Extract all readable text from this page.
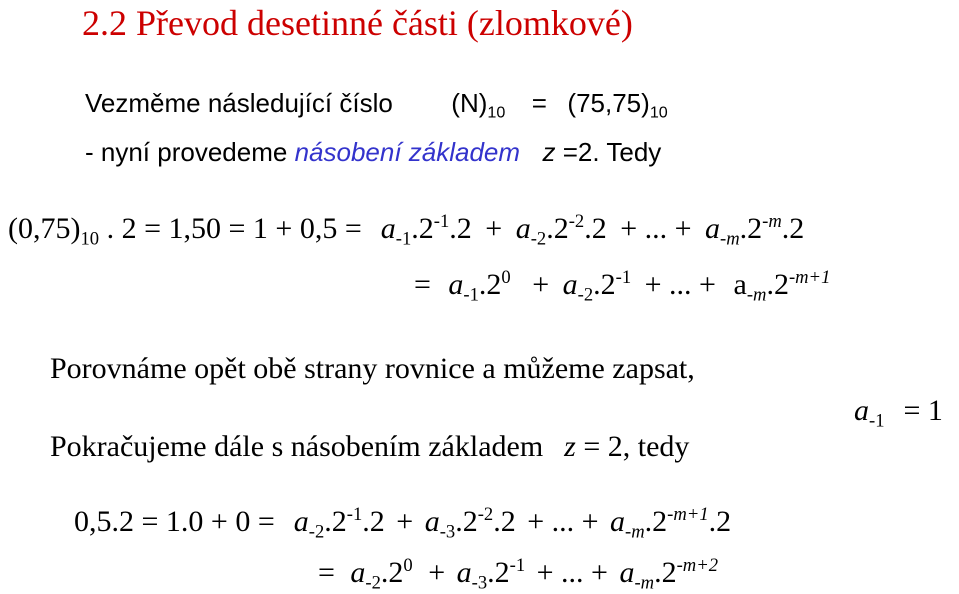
2.2 Převod desetinné části (zlomkové)
Vezměme následující číslo $(N)_{10} = (75,75)_{10}$
- nyní provedeme násobení základem z =2. Tedy
$(0,75)_{10}$ . $2 = 1,50 = 1 + 0,5 = a_{-1}.2^{-1}.2 + a_{-2}.2^{-2}.2$ + ... + $a_{-m}.2^{-m}.2$
= $a_{-1}.2^0 + a_{-2}.2^{-1}$ + ... + $a_{-m}.2^{-m+1}$
Porovnáme opět obě strany rovnice a můžeme zapsat,
$a_{-1} = 1$
Pokračujeme dále s násobením základem z = 2, tedy
$0,5.2 = 1.0 + 0 = a_{-2}.2^{-1}.2 + a_{-3}.2^{-2}.2$ + ... + $a_{-m}.2^{-m+1}.2$
= $a_{-2}.2^0 + a_{-3}.2^{-1}$ + ... + $a_{-m}.2^{-m+2}$
